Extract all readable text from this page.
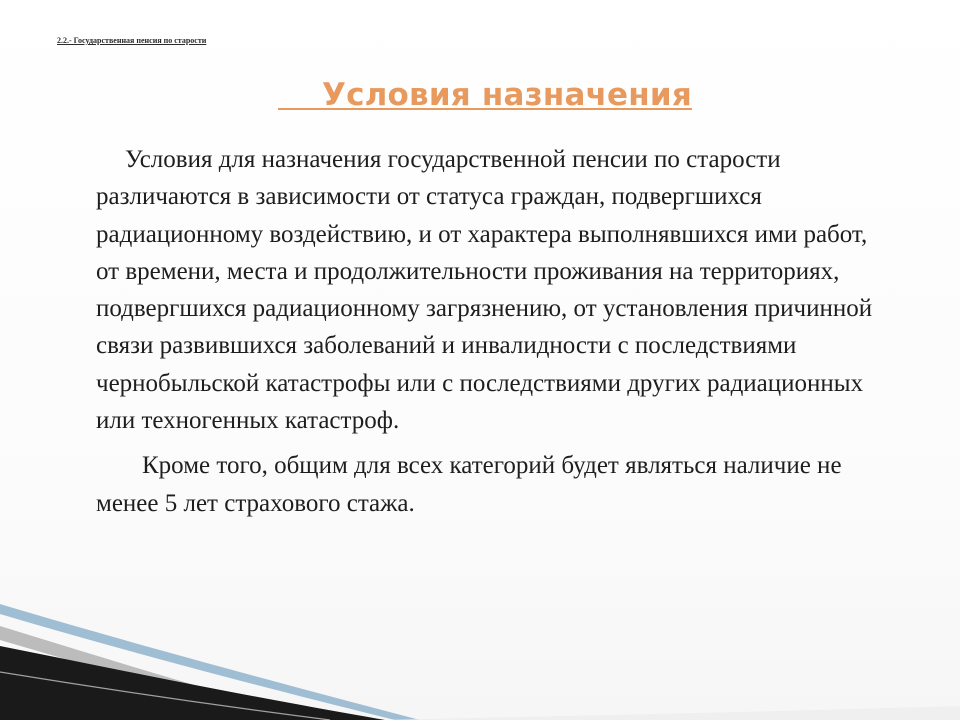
2.2.- Государственная пенсия по старости
Условия назначения

Условия для назначения государственной пенсии по старости различаются в зависимости от статуса граждан, подвергшихся радиационному воздействию, и от характера выполнявшихся ими работ, от времени, места и продолжительности проживания на территориях, подвергшихся радиационному загрязнению, от установления причинной связи развившихся заболеваний и инвалидности с последствиями чернобыльской катастрофы или с последствиями других радиационных или техногенных катастроф.

Кроме того, общим для всех категорий будет являться наличие не менее 5 лет страхового стажа.
